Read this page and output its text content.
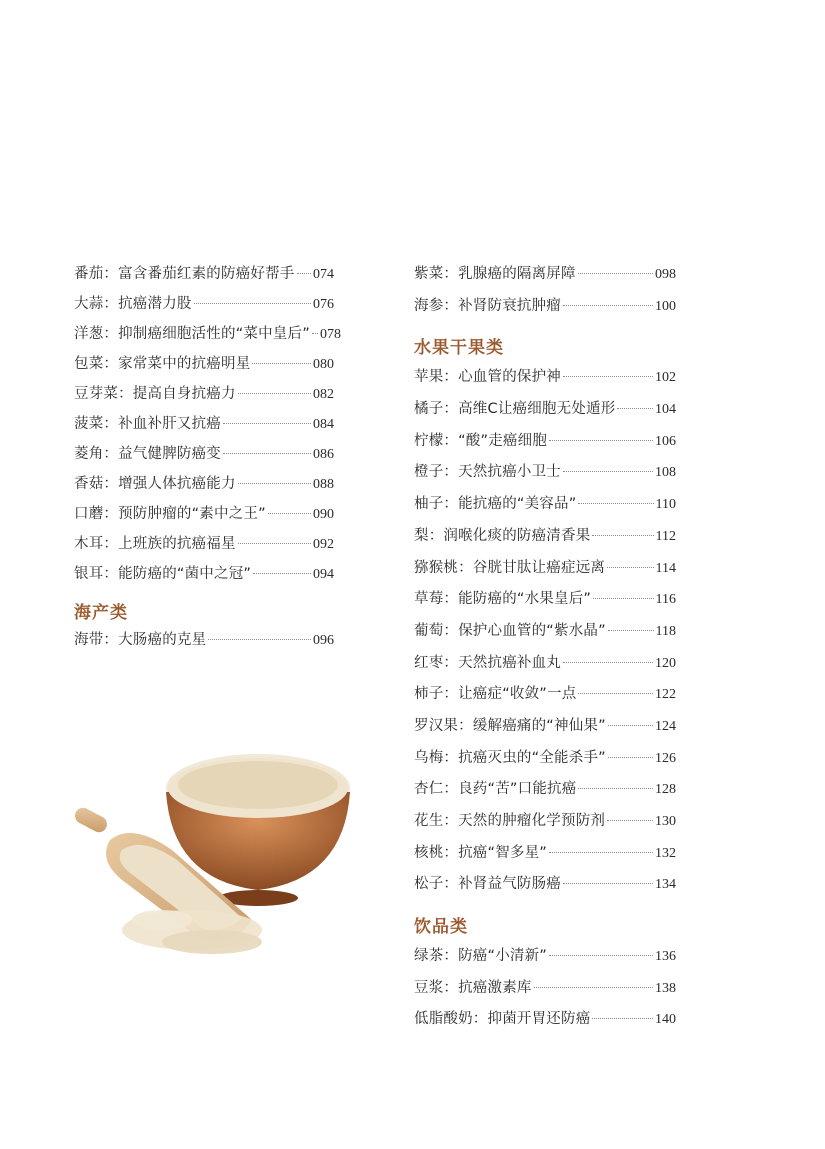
番茄：富含番茄红素的防癌好帮手 074
大蒜：抗癌潜力股	076
洋葱：抑制癌细胞活性的“菜中皇后” 078
包菜：家常菜中的抗癌明星	080
豆芽菜：提高自身抗癌力	082
菠菜：补血补肝又抗癌	084
菱角：益气健脾防癌变	086
香菇：增强人体抗癌能力	088
口蘑：预防肿瘤的“素中之王”	090
木耳：上班族的抗癌福星	092
银耳：能防癌的“菌中之冠”	094
海产类
海带：大肠癌的克星	096
紫菜：乳腺癌的隔离屏障	098
海参：补肾防衰抗肿瘤	100
水果干果类
苹果：心血管的保护神	102
橘子：高维C让癌细胞无处遁形	104
柠檬：“酸”走癌细胞	106
橙子：天然抗癌小卫士	108
柚子：能抗癌的“美容品”	110
梨：润喉化痰的防癌清香果	112
猕猴桃：谷胱甘肽让癌症远离	114
草莓：能防癌的“水果皇后”	116
葡萄：保护心血管的“紫水晶”	118
红枣：天然抗癌补血丸	120
柿子：让癌症“收敛”一点	122
罗汉果：缓解癌痛的“神仙果”	124
乌梅：抗癌灭虫的“全能杀手”	126
杏仁：良药“苦”口能抗癌	128
花生：天然的肿瘤化学预防剂	130
核桃：抗癌“智多星”	132
松子：补肾益气防肠癌	134
饮品类
绿茶：防癌“小清新”	136
豆浆：抗癌激素库	138
低脂酸奶：抑菌开胃还防癌	140
